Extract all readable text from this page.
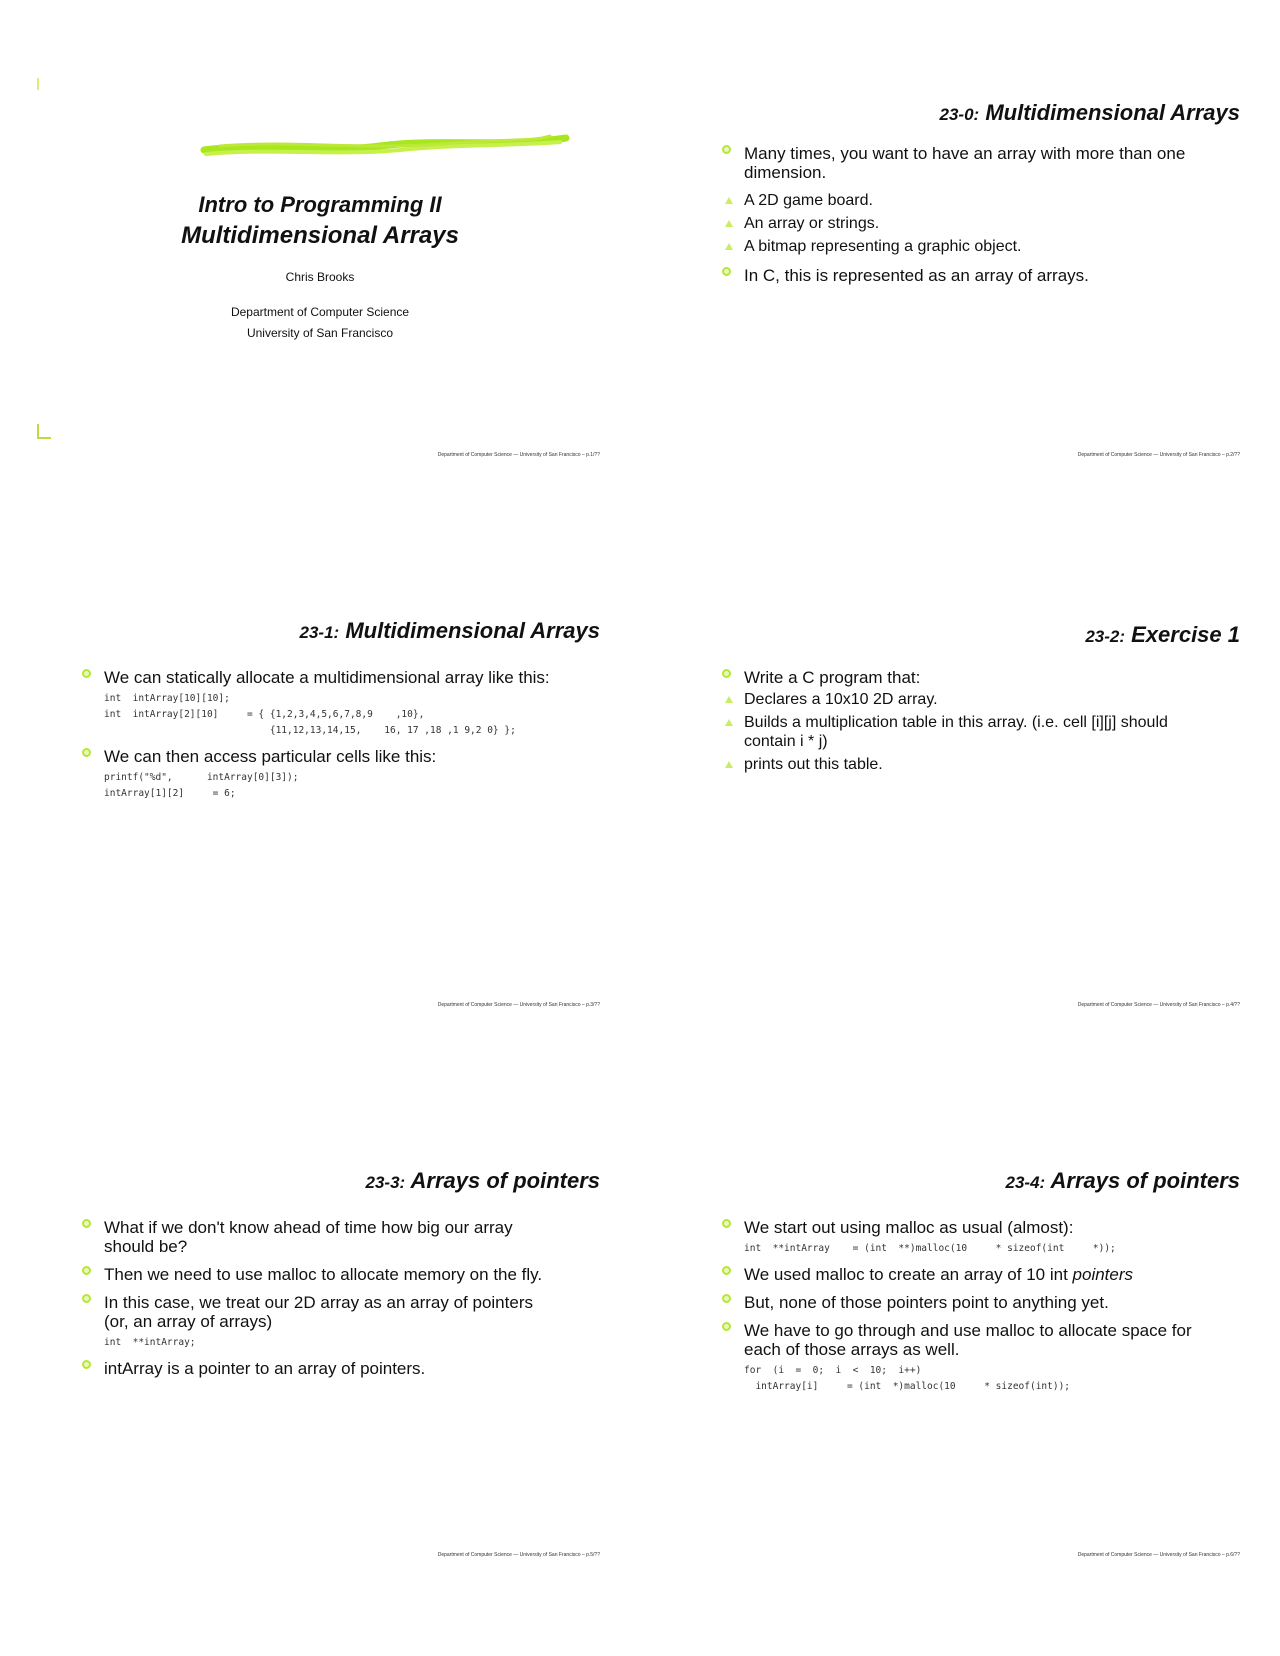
Intro to Programming II
Multidimensional Arrays
Chris Brooks
Department of Computer Science
University of San Francisco
Department of Computer Science — University of San Francisco – p.1/??
23-0: Multidimensional Arrays
Many times, you want to have an array with more than one dimension.
A 2D game board.
An array or strings.
A bitmap representing a graphic object.
In C, this is represented as an array of arrays.
Department of Computer Science — University of San Francisco – p.2/??
23-1: Multidimensional Arrays
We can statically allocate a multidimensional array like this:
int  intArray[10][10];
int  intArray[2][10]     = { {1,2,3,4,5,6,7,8,9    ,10},
{11,12,13,14,15,    16, 17 ,18 ,1 9,2 0} };
We can then access particular cells like this:
printf("%d",      intArray[0][3]);
intArray[1][2]     = 6;
Department of Computer Science — University of San Francisco – p.3/??
23-2: Exercise 1
Write a C program that:
Declares a 10x10 2D array.
Builds a multiplication table in this array. (i.e. cell [i][j] should contain i * j)
prints out this table.
Department of Computer Science — University of San Francisco – p.4/??
23-3: Arrays of pointers
What if we don't know ahead of time how big our array should be?
Then we need to use malloc to allocate memory on the fly.
In this case, we treat our 2D array as an array of pointers (or, an array of arrays)
int  **intArray;
intArray is a pointer to an array of pointers.
Department of Computer Science — University of San Francisco – p.5/??
23-4: Arrays of pointers
We start out using malloc as usual (almost):
int  **intArray    = (int  **)malloc(10     * sizeof(int     *));
We used malloc to create an array of 10 int pointers
But, none of those pointers point to anything yet.
We have to go through and use malloc to allocate space for each of those arrays as well.
for  (i  =  0;  i  <  10;  i++)
intArray[i]     = (int  *)malloc(10     * sizeof(int));
Department of Computer Science — University of San Francisco – p.6/??
